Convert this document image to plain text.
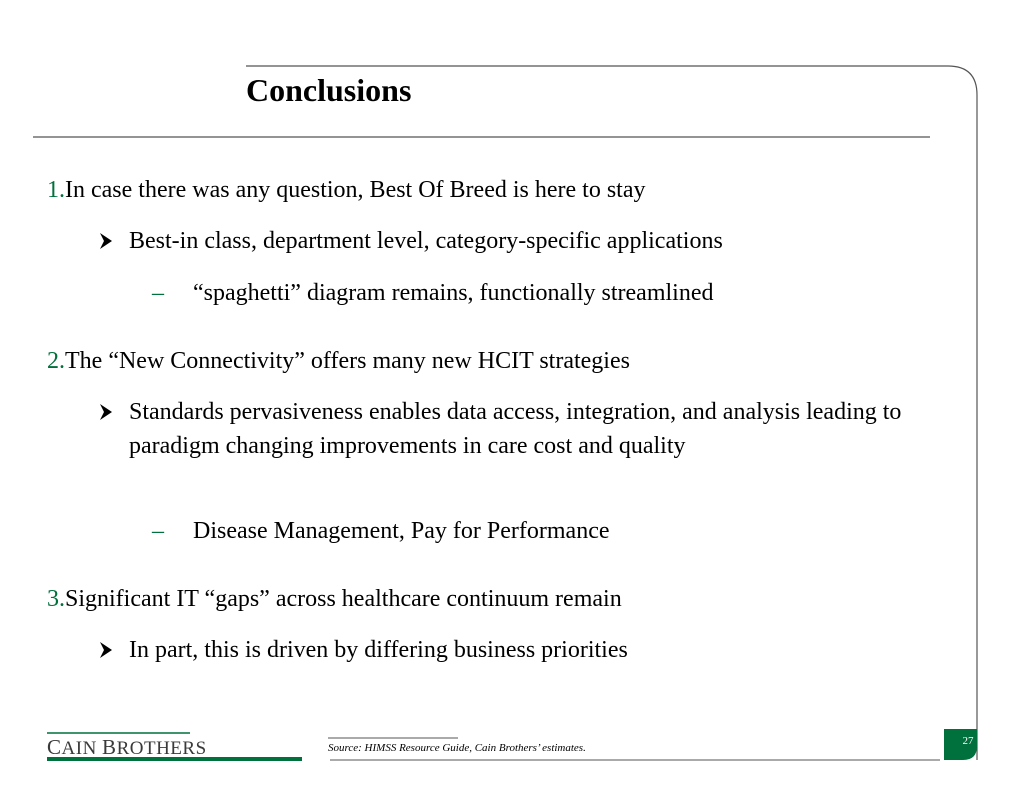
Conclusions
1.In case there was any question, Best Of Breed is here to stay
Best-in class, department level, category-specific applications
– “spaghetti” diagram remains, functionally streamlined
2.The “New Connectivity” offers many new HCIT strategies
Standards pervasiveness enables data access, integration, and analysis leading to paradigm changing improvements in care cost and quality
– Disease Management, Pay for Performance
3.Significant IT “gaps” across healthcare continuum remain
In part, this is driven by differing business priorities
CAIN BROTHERS	Source: HIMSS Resource Guide, Cain Brothers’ estimates.
27
